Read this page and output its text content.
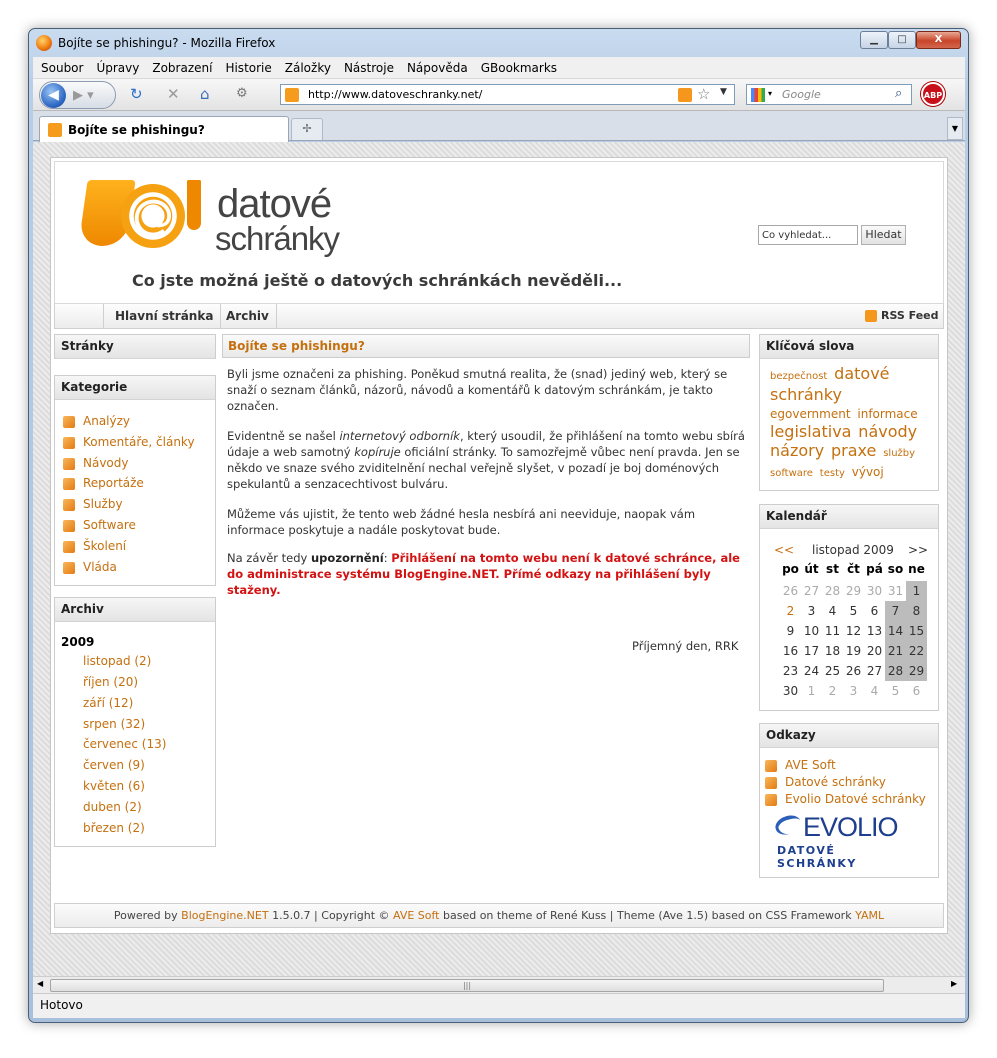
Bojíte se phishingu? - Mozilla Firefox	▁	□	X
Soubor Úpravy Zobrazení Historie Záložky Nástroje Nápověda GBookmarks
◀	▶ ▾ ↻ ✕ ⌂ ⚙	http://www.datoveschranky.net/	☆ ▼	▾ Google	⌕	ABP
Bojíte se phishingu?	✢	▼
@ datové
schránky
Co vyhledat...	Hledat
Co jste možná ještě o datových schránkách nevěděli...
Hlavní stránka	Archiv	RSS Feed
Stránky
Kategorie
Analýzy
Komentáře, články
Návody
Reportáže
Služby
Software
Školení
Vláda
Archiv
2009
listopad (2)
říjen (20)
září (12)
srpen (32)
červenec (13)
červen (9)
květen (6)
duben (2)
březen (2)
Bojíte se phishingu?

Byli jsme označeni za phishing. Poněkud smutná realita, že (snad) jediný web, který se snaží o seznam článků, názorů, návodů a komentářů k datovým schránkám, je takto označen.

Evidentně se našel internetový odborník, který usoudil, že přihlášení na tomto webu sbírá údaje a web samotný kopíruje oficiální stránky. To samozřejmě vůbec není pravda. Jen se někdo ve snaze svého zviditelnění nechal veřejně slyšet, v pozadí je boj doménových spekulantů a senzacechtivost bulváru.

Můžeme vás ujistit, že tento web žádné hesla nesbírá ani neeviduje, naopak vám informace poskytuje a nadále poskytovat bude.

Na závěr tedy upozornění: Přihlášení na tomto webu není k datové schránce, ale do administrace systému BlogEngine.NET. Přímé odkazy na přihlášení byly staženy.

Příjemný den, RRK
Klíčová slova
bezpečnost datové schránky egovernment informace legislativa návody názory praxe služby software testy vývoj
Kalendář
<< listopad 2009 >>
po út st čt pá so ne
26 27 28 29 30 31 1
2	3	4	5	6	7	8
9 10 11 12 13 14 15
16 17 18 19 20 21 22
23 24 25 26 27 28 29
30 1	2	3	4	5	6
Odkazy
AVE Soft
Datové schránky
Evolio Datové schránky
EVOLIO
DATOVÉ SCHRÁNKY
Powered by BlogEngine.NET 1.5.0.7 | Copyright © AVE Soft based on theme of René Kuss | Theme (Ave 1.5) based on CSS Framework YAML
◀	|||	▶
Hotovo
